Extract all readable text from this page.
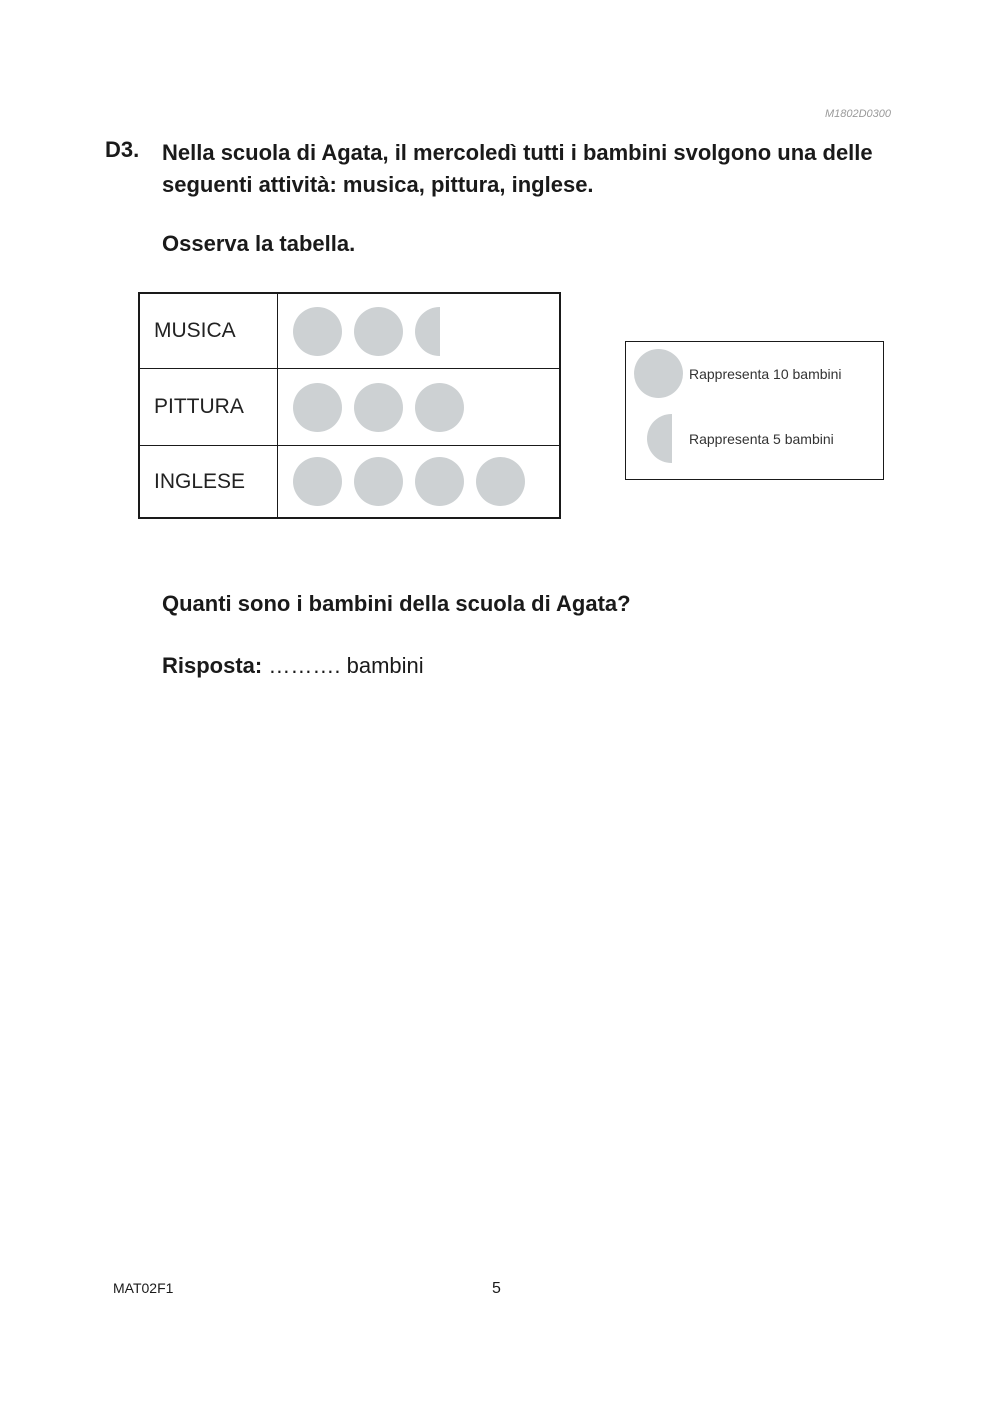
M1802D0300
D3. Nella scuola di Agata, il mercoledì tutti i bambini svolgono una delle seguenti attività: musica, pittura, inglese.
Osserva la tabella.
MUSICA
PITTURA
INGLESE
Rappresenta 10 bambini
Rappresenta 5 bambini
Quanti sono i bambini della scuola di Agata?
Risposta: ………. bambini
MAT02F1	5
